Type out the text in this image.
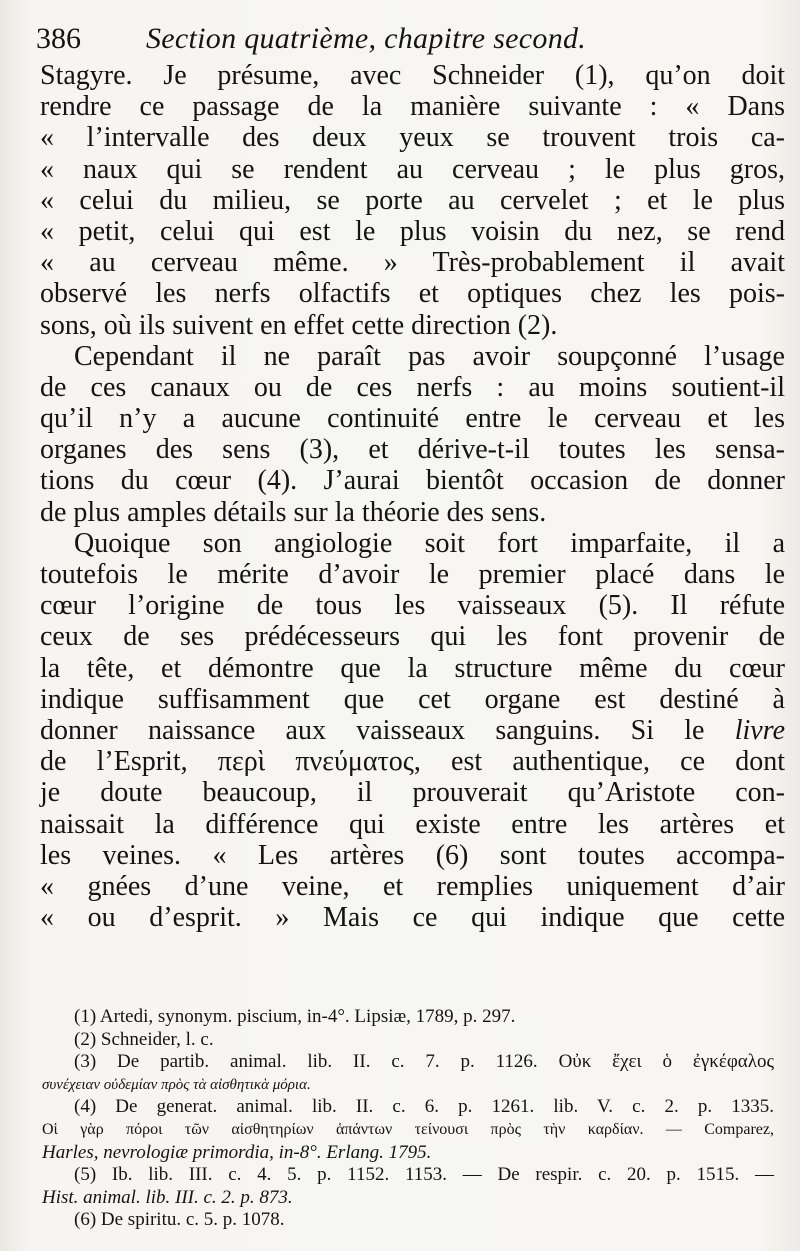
386 Section quatrième, chapitre second.
Stagyre. Je présume, avec Schneider (1), qu’on doit
rendre ce passage de la manière suivante : « Dans
« l’intervalle des deux yeux se trouvent trois ca-
« naux qui se rendent au cerveau ; le plus gros,
« celui du milieu, se porte au cervelet ; et le plus
« petit, celui qui est le plus voisin du nez, se rend
« au cerveau même. » Très-probablement il avait
observé les nerfs olfactifs et optiques chez les pois-
sons, où ils suivent en effet cette direction (2).
Cependant il ne paraît pas avoir soupçonné l’usage
de ces canaux ou de ces nerfs : au moins soutient-il
qu’il n’y a aucune continuité entre le cerveau et les
organes des sens (3), et dérive-t-il toutes les sensa-
tions du cœur (4). J’aurai bientôt occasion de donner
de plus amples détails sur la théorie des sens.
Quoique son angiologie soit fort imparfaite, il a
toutefois le mérite d’avoir le premier placé dans le
cœur l’origine de tous les vaisseaux (5). Il réfute
ceux de ses prédécesseurs qui les font provenir de
la tête, et démontre que la structure même du cœur
indique suffisamment que cet organe est destiné à
donner naissance aux vaisseaux sanguins. Si le livre
de l’Esprit, περὶ πνεύματος, est authentique, ce dont
je doute beaucoup, il prouverait qu’Aristote con-
naissait la différence qui existe entre les artères et
les veines. « Les artères (6) sont toutes accompa-
« gnées d’une veine, et remplies uniquement d’air
« ou d’esprit. » Mais ce qui indique que cette
(1) Artedi, synonym. piscium, in-4°. Lipsiæ, 1789, p. 297.
(2) Schneider, l. c.
(3) De partib. animal. lib. II. c. 7. p. 1126. Οὐκ ἔχει ὁ ἐγκέφαλος
συνέχειαν οὐδεμίαν πρὸς τὰ αἰσθητικὰ μόρια.
(4) De generat. animal. lib. II. c. 6. p. 1261. lib. V. c. 2. p. 1335.
Οἱ γὰρ πόροι τῶν αἰσθητηρίων ἁπάντων τείνουσι πρὸς τὴν καρδίαν. — Comparez,
Harles, nevrologiæ primordia, in-8°. Erlang. 1795.
(5) Ib. lib. III. c. 4. 5. p. 1152. 1153. — De respir. c. 20. p. 1515. —
Hist. animal. lib. III. c. 2. p. 873.
(6) De spiritu. c. 5. p. 1078.
